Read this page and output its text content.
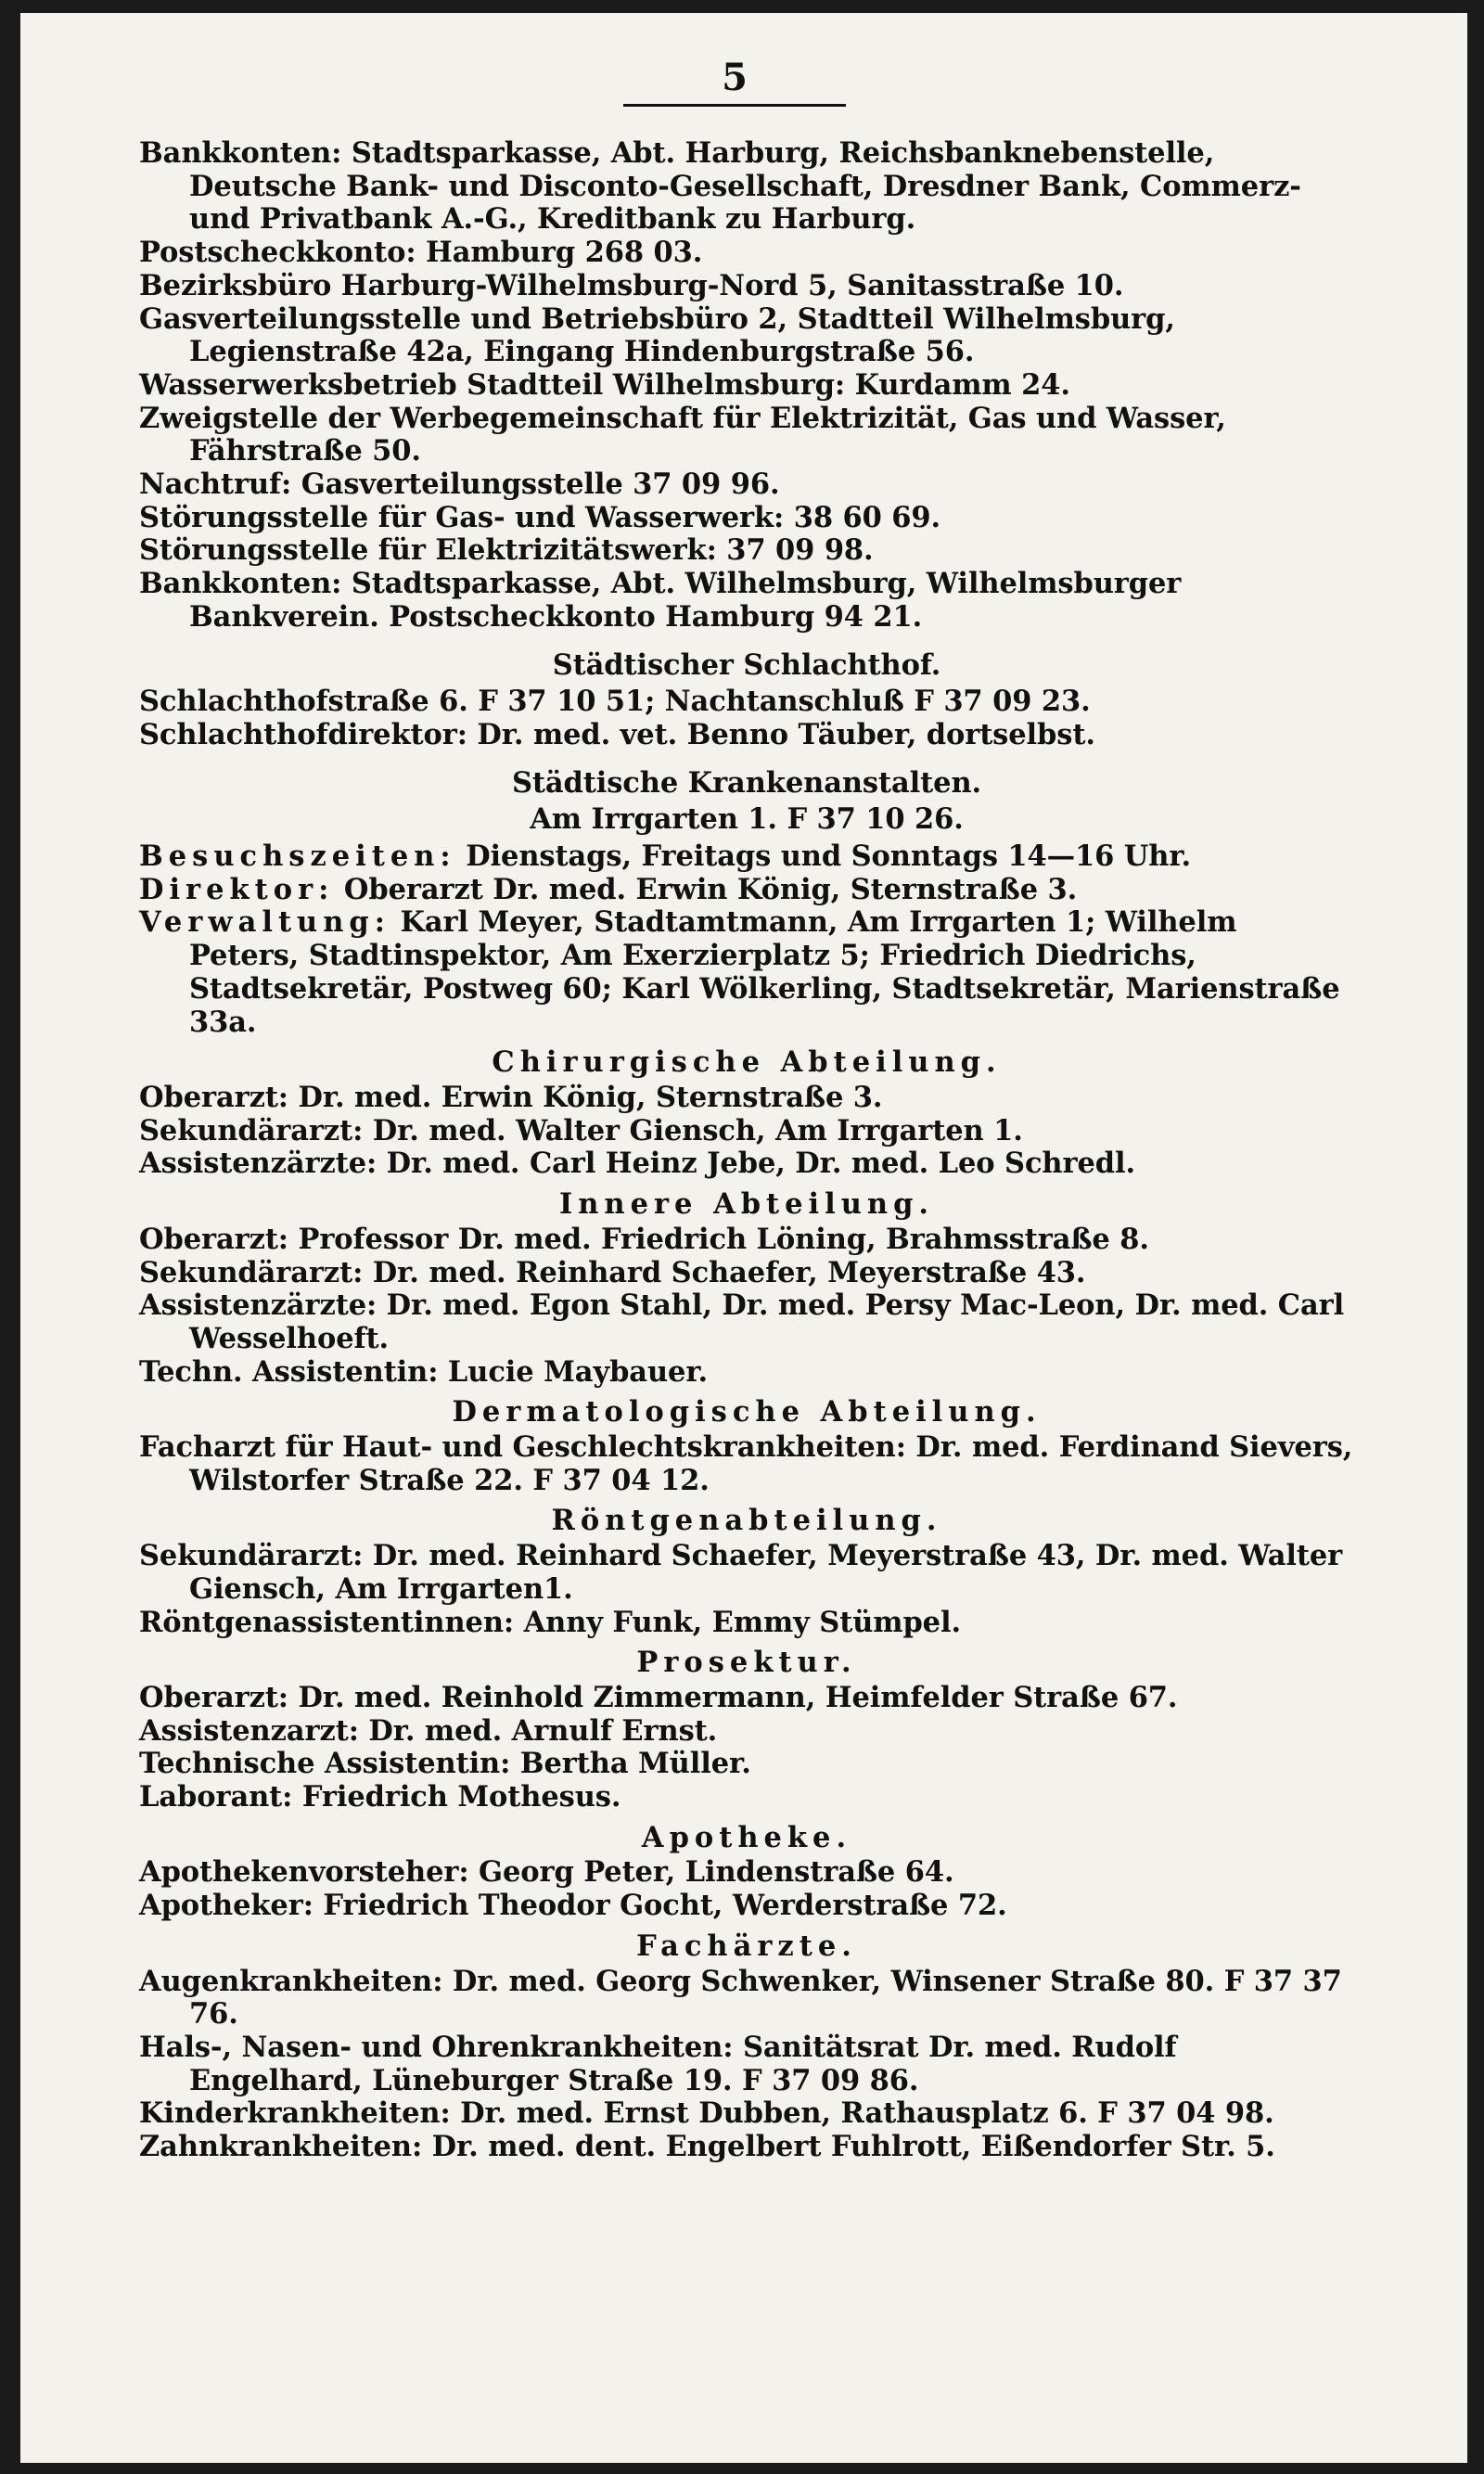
5

Bankkonten: Stadtsparkasse, Abt. Harburg, Reichsbanknebenstelle, Deutsche Bank- und Disconto-Gesellschaft, Dresdner Bank, Commerz- und Privatbank A.-G., Kreditbank zu Harburg.

Postscheckkonto: Hamburg 268 03.

Bezirksbüro Harburg-Wilhelmsburg-Nord 5, Sanitasstraße 10.

Gasverteilungsstelle und Betriebsbüro 2, Stadtteil Wilhelmsburg, Legienstraße 42a, Eingang Hindenburgstraße 56.

Wasserwerksbetrieb Stadtteil Wilhelmsburg: Kurdamm 24.

Zweigstelle der Werbegemeinschaft für Elektrizität, Gas und Wasser, Fährstraße 50.

Nachtruf: Gasverteilungsstelle 37 09 96.

Störungsstelle für Gas- und Wasserwerk: 38 60 69.

Störungsstelle für Elektrizitätswerk: 37 09 98.

Bankkonten: Stadtsparkasse, Abt. Wilhelmsburg, Wilhelmsburger Bankverein. Postscheckkonto Hamburg 94 21.

Städtischer Schlachthof.

Schlachthofstraße 6. F 37 10 51; Nachtanschluß F 37 09 23.

Schlachthofdirektor: Dr. med. vet. Benno Täuber, dortselbst.

Städtische Krankenanstalten.
Am Irrgarten 1. F 37 10 26.

Besuchszeiten: Dienstags, Freitags und Sonntags 14—16 Uhr.

Direktor: Oberarzt Dr. med. Erwin König, Sternstraße 3.

Verwaltung: Karl Meyer, Stadtamtmann, Am Irrgarten 1; Wilhelm Peters, Stadtinspektor, Am Exerzierplatz 5; Friedrich Diedrichs, Stadtsekretär, Postweg 60; Karl Wölkerling, Stadtsekretär, Marienstraße 33a.

Chirurgische Abteilung.

Oberarzt: Dr. med. Erwin König, Sternstraße 3.

Sekundärarzt: Dr. med. Walter Giensch, Am Irrgarten 1.

Assistenzärzte: Dr. med. Carl Heinz Jebe, Dr. med. Leo Schredl.

Innere Abteilung.

Oberarzt: Professor Dr. med. Friedrich Löning, Brahmsstraße 8.

Sekundärarzt: Dr. med. Reinhard Schaefer, Meyerstraße 43.

Assistenzärzte: Dr. med. Egon Stahl, Dr. med. Persy Mac-Leon, Dr. med. Carl Wesselhoeft.

Techn. Assistentin: Lucie Maybauer.

Dermatologische Abteilung.

Facharzt für Haut- und Geschlechtskrankheiten: Dr. med. Ferdinand Sievers, Wilstorfer Straße 22. F 37 04 12.

Röntgenabteilung.

Sekundärarzt: Dr. med. Reinhard Schaefer, Meyerstraße 43, Dr. med. Walter Giensch, Am Irrgarten1.

Röntgenassistentinnen: Anny Funk, Emmy Stümpel.

Prosektur.

Oberarzt: Dr. med. Reinhold Zimmermann, Heimfelder Straße 67.

Assistenzarzt: Dr. med. Arnulf Ernst.

Technische Assistentin: Bertha Müller.

Laborant: Friedrich Mothesus.

Apotheke.

Apothekenvorsteher: Georg Peter, Lindenstraße 64.

Apotheker: Friedrich Theodor Gocht, Werderstraße 72.

Fachärzte.

Augenkrankheiten: Dr. med. Georg Schwenker, Winsener Straße 80. F 37 37 76.

Hals-, Nasen- und Ohrenkrankheiten: Sanitätsrat Dr. med. Rudolf Engelhard, Lüneburger Straße 19. F 37 09 86.

Kinderkrankheiten: Dr. med. Ernst Dubben, Rathausplatz 6. F 37 04 98.

Zahnkrankheiten: Dr. med. dent. Engelbert Fuhlrott, Eißendorfer Str. 5.
